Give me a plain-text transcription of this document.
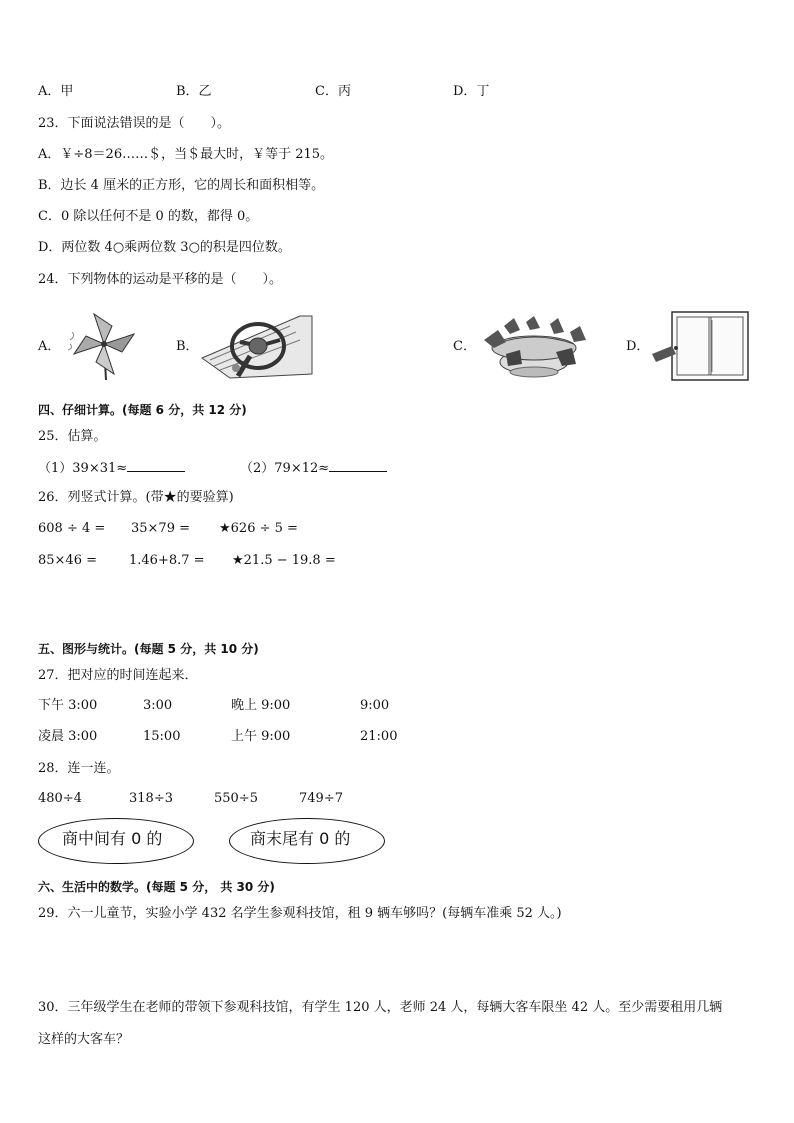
A．甲	B．乙	C．丙	D．丁
23．下面说法错误的是（　　）。
A．￥÷8＝26……＄，当＄最大时，￥等于 215。
B．边长 4 厘米的正方形，它的周长和面积相等。
C．0 除以任何不是 0 的数，都得 0。
D．两位数 4○乘两位数 3○的积是四位数。
24．下列物体的运动是平移的是（　　）。
A．	B．	C．	D．
四、仔细计算。(每题 6 分，共 12 分)
25．估算。
（1）39×31≈	（2）79×12≈
26．列竖式计算。(带★的要验算)
608 ÷ 4 = 35×79 = ★626 ÷ 5 =
85×46 = 1.46+8.7 = ★21.5 − 19.8 =
五、图形与统计。(每题 5 分，共 10 分)
27．把对应的时间连起来．
下午 3:00	3:00	晚上 9:00	9:00
凌晨 3:00	15:00	上午 9:00	21:00
28．连一连。
480÷4	318÷3	550÷5	749÷7
商中间有 0 的	商末尾有 0 的
六、生活中的数学。(每题 5 分， 共 30 分)
29．六一儿童节，实验小学 432 名学生参观科技馆，租 9 辆车够吗？(每辆车准乘 52 人。)
30．三年级学生在老师的带领下参观科技馆，有学生 120 人，老师 24 人，每辆大客车限坐 42 人。至少需要租用几辆
这样的大客车？
